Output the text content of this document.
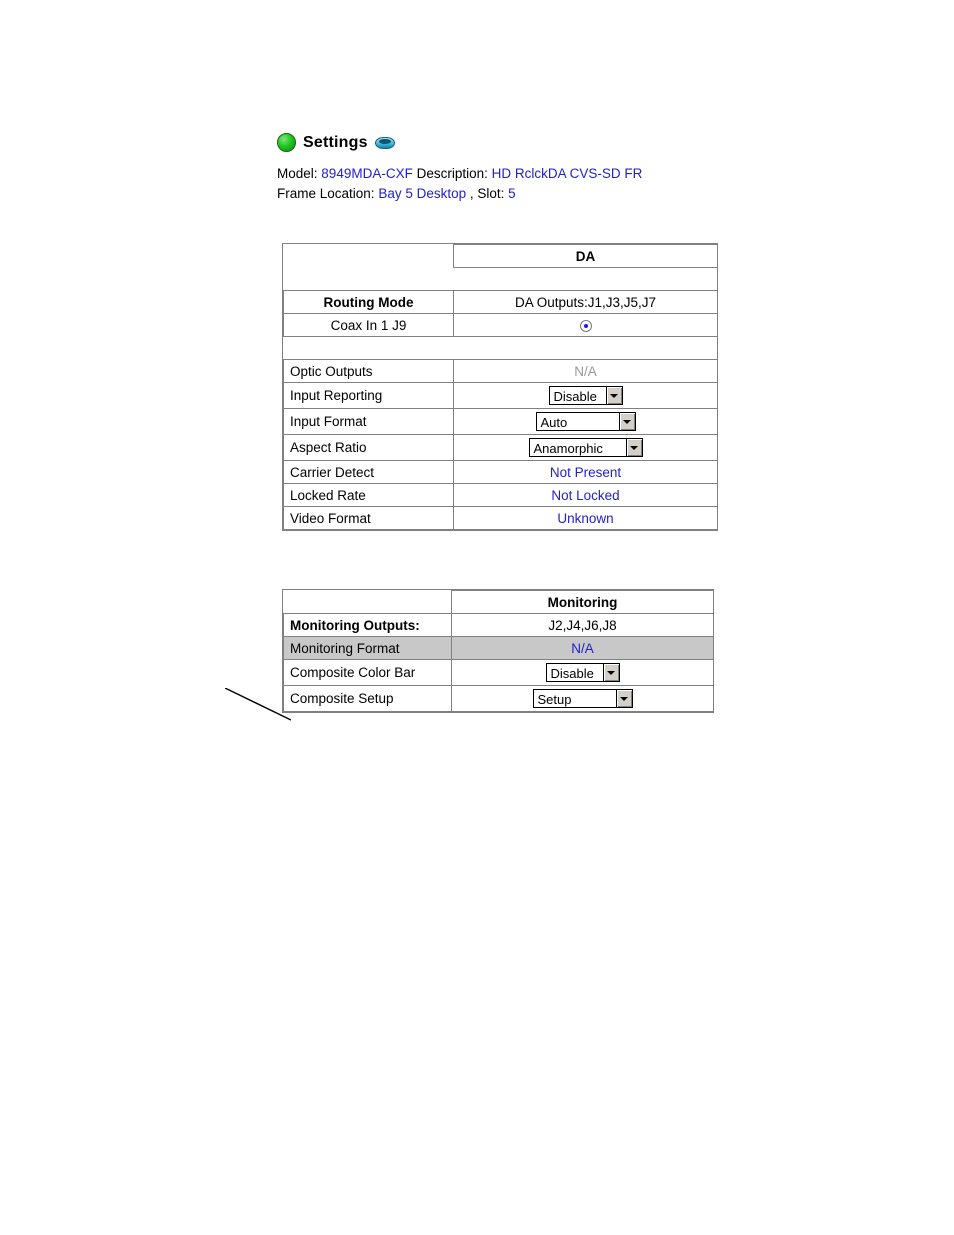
Settings
Model: 8949MDA-CXF Description: HD RclckDA CVS-SD FR
Frame Location: Bay 5 Desktop , Slot: 5
	DA

Routing Mode	DA Outputs:J1,J3,J5,J7
Coax In 1 J9	

Optic Outputs	N/A
Input Reporting	Disable

Input Format	Auto

Aspect Ratio	Anamorphic

Carrier Detect	Not Present
Locked Rate	Not Locked
Video Format	Unknown
	Monitoring
Monitoring Outputs:	J2,J4,J6,J8
Monitoring Format	N/A
Composite Color Bar	Disable

Composite Setup	Setup
